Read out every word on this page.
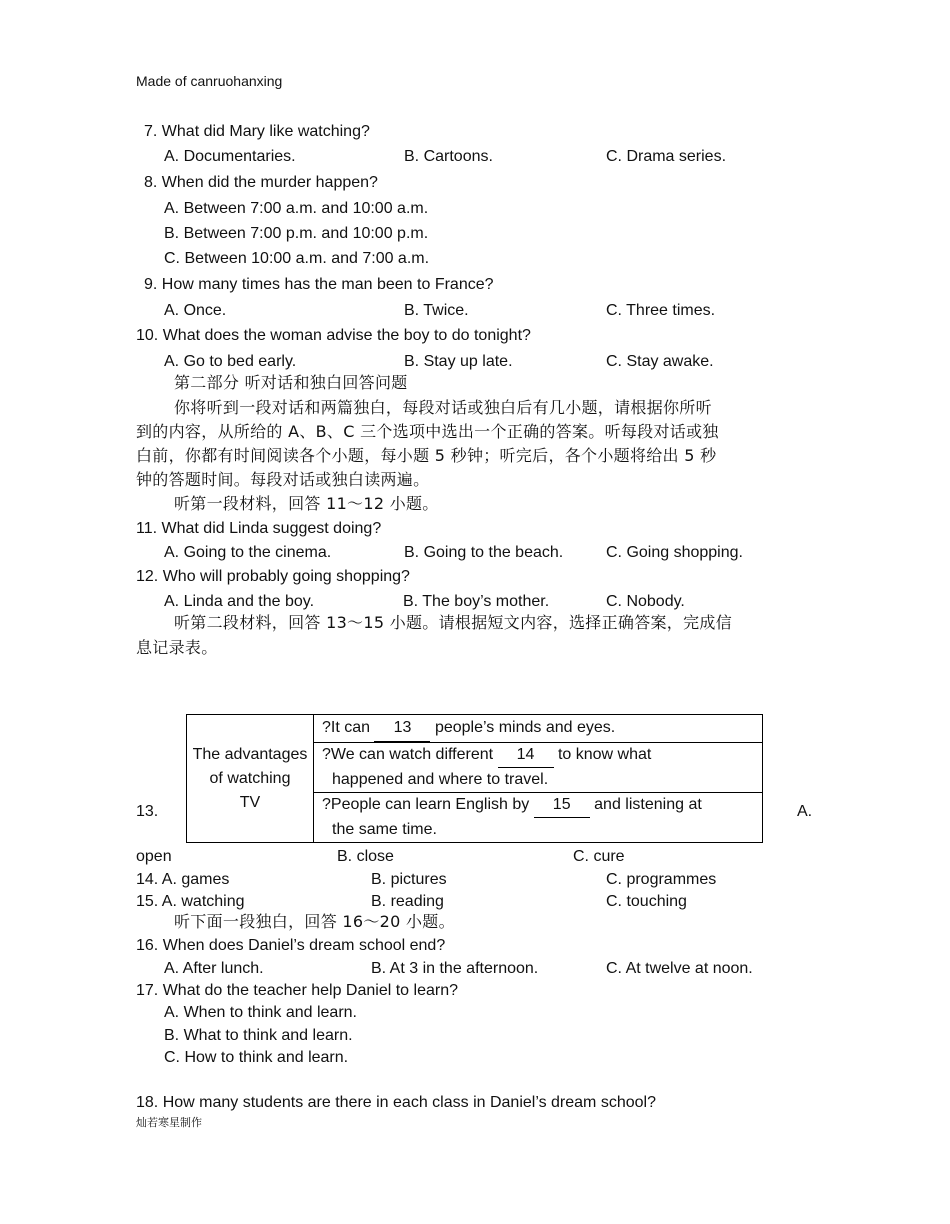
Made of canruohanxing
7. What did Mary like watching?
A. Documentaries.	B. Cartoons.	C. Drama series.
8. When did the murder happen?
A. Between 7:00 a.m. and 10:00 a.m.
B. Between 7:00 p.m. and 10:00 p.m.
C. Between 10:00 a.m. and 7:00 a.m.
9. How many times has the man been to France?
A. Once.	B. Twice.	C. Three times.
10. What does the woman advise the boy to do tonight?
A. Go to bed early.	B. Stay up late.	C. Stay awake.
第二部分 听对话和独白回答问题
你将听到一段对话和两篇独白，每段对话或独白后有几小题，请根据你所听
到的内容，从所给的 A、B、C 三个选项中选出一个正确的答案。听每段对话或独
白前，你都有时间阅读各个小题，每小题 5 秒钟；听完后，各个小题将给出 5 秒
钟的答题时间。每段对话或独白读两遍。
听第一段材料，回答 11～12 小题。
11. What did Linda suggest doing?
A. Going to the cinema.	B. Going to the beach.	C. Going shopping.
12. Who will probably going shopping?
A. Linda and the boy.	B. The boy’s mother.	C. Nobody.
听第二段材料，回答 13～15 小题。请根据短文内容，选择正确答案，完成信
息记录表。
The advantages
of watching
TV
	?It can 13 people’s minds and eyes.
?We can watch different 14 to know what
happened and where to travel.
?People can learn English by 15 and listening at
the same time.
13.	A.
open	B. close	C. cure
14. A. games	B. pictures	C. programmes
15. A. watching	B. reading	C. touching
听下面一段独白，回答 16～20 小题。
16. When does Daniel’s dream school end?
A. After lunch.	B. At 3 in the afternoon.	C. At twelve at noon.
17. What do the teacher help Daniel to learn?
A. When to think and learn.
B. What to think and learn.
C. How to think and learn.
18. How many students are there in each class in Daniel’s dream school?
灿若寒星制作
